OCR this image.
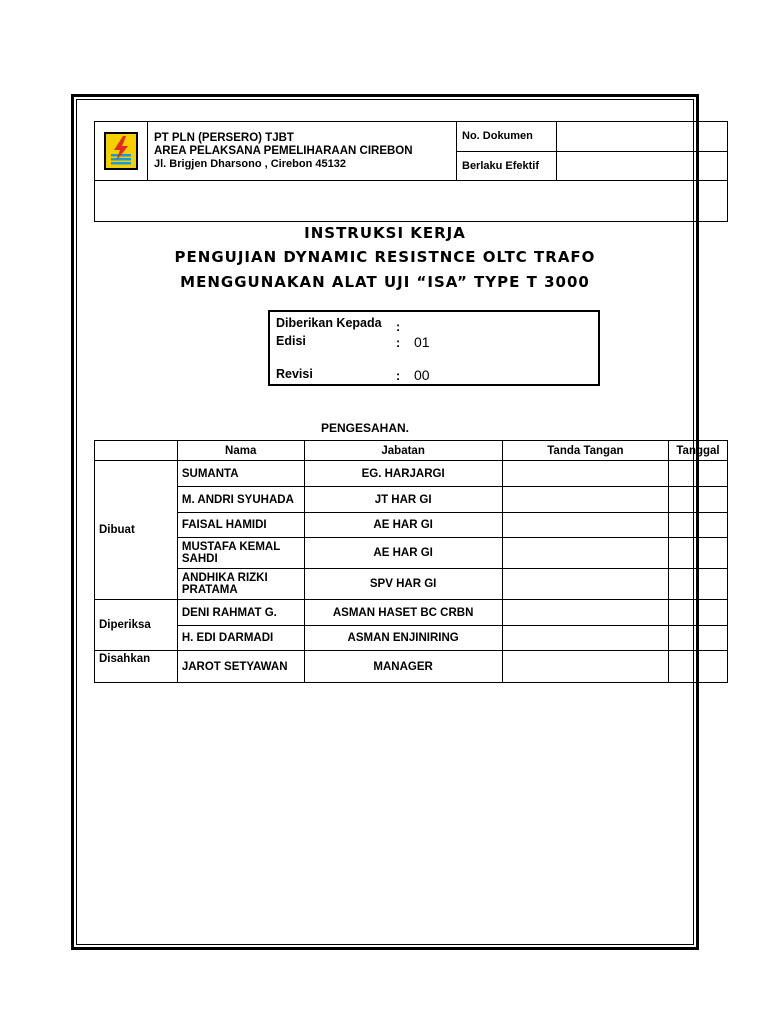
PT PLN (PERSERO) TJBT
AREA PELAKSANA PEMELIHARAAN CIREBON
Jl. Brigjen Dharsono , Cirebon 45132	No. Dokumen	
		Berlaku Efektif	

INSTRUKSI KERJA
PENGUJIAN DYNAMIC RESISTNCE OLTC TRAFO
MENGGUNAKAN ALAT UJI “ISA” TYPE T 3000
Diberikan Kepada :
Edisi	: 01
Revisi	: 00
PENGESAHAN.
	Nama	Jabatan	Tanda Tangan	Tanggal
Dibuat	SUMANTA	EG. HARJARGI		
	M. ANDRI SYUHADA	JT HAR GI		
	FAISAL HAMIDI	AE HAR GI		
	MUSTAFA KEMAL SAHDI	AE HAR GI		
	ANDHIKA RIZKI PRATAMA	SPV HAR GI		
Diperiksa	DENI RAHMAT G.	ASMAN HASET BC CRBN		
	H. EDI DARMADI	ASMAN ENJINIRING		
Disahkan	JAROT SETYAWAN	MANAGER		
